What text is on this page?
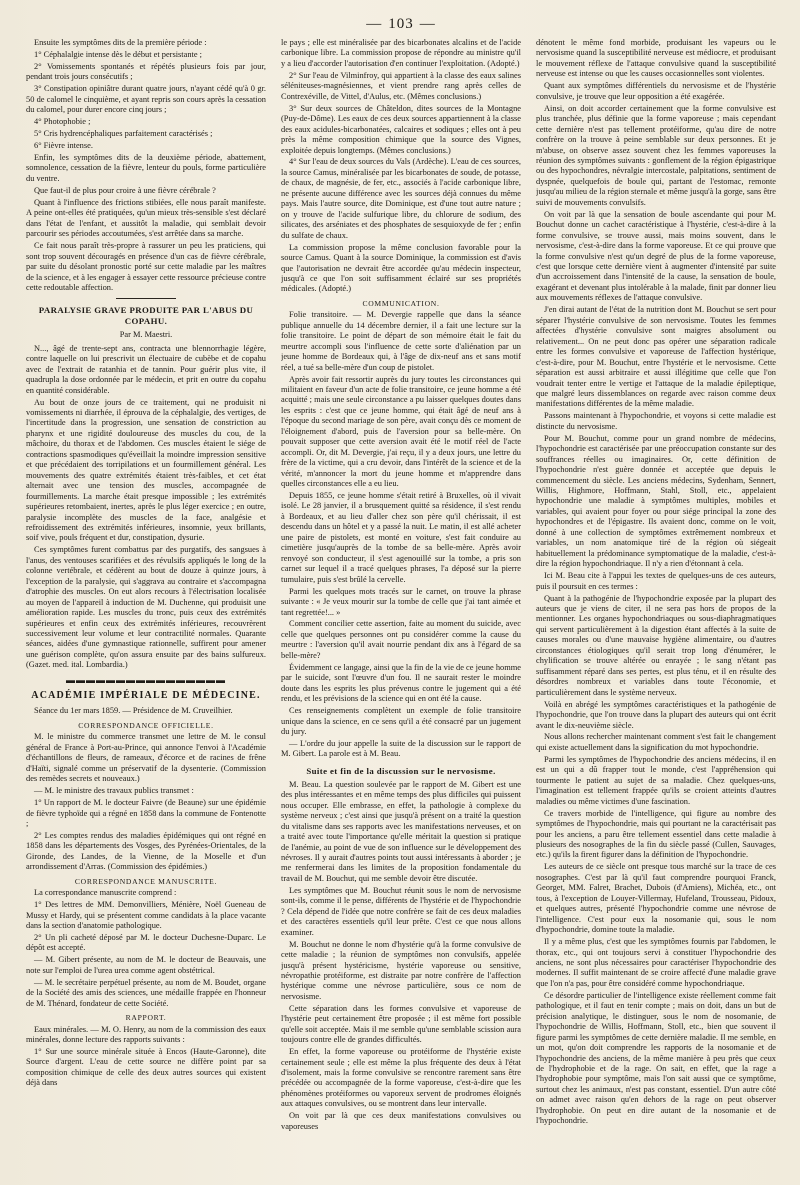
— 103 —

Ensuite les symptômes dits de la première période :

1° Céphalalgie intense dès le début et persistante ;

2° Vomissements spontanés et répétés plusieurs fois par jour, pendant trois jours consécutifs ;

3° Constipation opiniâtre durant quatre jours, n'ayant cédé qu'à 0 gr. 50 de calomel le cinquième, et ayant repris son cours après la cessation du calomel, pour durer encore cinq jours ;

4° Photophobie ;

5° Cris hydrencéphaliques parfaitement caractérisés ;

6° Fièvre intense.

Enfin, les symptômes dits de la deuxième période, abattement, somnolence, cessation de la fièvre, lenteur du pouls, forme particulière du ventre.

Que faut-il de plus pour croire à une fièvre cérébrale ?

Quant à l'influence des frictions stibiées, elle nous paraît manifeste. A peine ont-elles été pratiquées, qu'un mieux très-sensible s'est déclaré dans l'état de l'enfant, et aussitôt la maladie, qui semblait devoir parcourir ses périodes accoutumées, s'est arrêtée dans sa marche.

Ce fait nous paraît très-propre à rassurer un peu les praticiens, qui sont trop souvent découragés en présence d'un cas de fièvre cérébrale, par suite du désolant pronostic porté sur cette maladie par les maîtres de la science, et à les engager à essayer cette ressource précieuse contre cette redoutable affection.

PARALYSIE GRAVE PRODUITE PAR L'ABUS DU COPAHU.

Par M. Maestri.

N..., âgé de trente-sept ans, contracta une blennorrhagie légère, contre laquelle on lui prescrivit un électuaire de cubèbe et de copahu avec de l'extrait de ratanhia et de tannin. Pour guérir plus vite, il quadrupla la dose ordonnée par le médecin, et prit en outre du copahu en quantité considérable.

Au bout de onze jours de ce traitement, qui ne produisit ni vomissements ni diarrhée, il éprouva de la céphalalgie, des vertiges, de l'incertitude dans la progression, une sensation de constriction au pharynx et une rigidité douloureuse des muscles du cou, de la mâchoire, du thorax et de l'abdomen. Ces muscles étaient le siége de contractions spasmodiques qu'éveillait la moindre impression sensitive et que précédaient des torripilations et un fourmillement général. Les mouvements des quatre extrémités étaient très-faibles, et cet état alternait avec une tension des muscles, accompagnée de fourmillements. La marche était presque impossible ; les extrémités supérieures retombaient, inertes, après le plus léger exercice ; en outre, paralysie incomplète des muscles de la face, analgésie et refroidissement des extrémités inférieures, insomnie, yeux brillants, soif vive, pouls fréquent et dur, constipation, dysurie.

Ces symptômes furent combattus par des purgatifs, des sangsues à l'anus, des ventouses scarifiées et des révulsifs appliqués le long de la colonne vertébrale, et cédèrent au bout de douze à quinze jours, à l'exception de la paralysie, qui s'aggrava au contraire et s'accompagna d'atrophie des muscles. On eut alors recours à l'électrisation localisée au moyen de l'appareil à induction de M. Duchenne, qui produisit une amélioration rapide. Les muscles du tronc, puis ceux des extrémités supérieures et enfin ceux des extrémités inférieures, recouvrèrent successivement leur volume et leur contractilité normales. Quarante séances, aidées d'une gymnastique rationnelle, suffirent pour amener une guérison complète, qu'on assura ensuite par des bains sulfureux. (Gazet. med. ital. Lombardia.)

▬▬▬▬▬▬▬▬▬▬▬▬▬▬▬▬

ACADÉMIE IMPÉRIALE DE MÉDECINE.

Séance du 1er mars 1859. — Présidence de M. Cruveilhier.

CORRESPONDANCE OFFICIELLE.

M. le ministre du commerce transmet une lettre de M. le consul général de France à Port-au-Prince, qui annonce l'envoi à l'Académie d'échantillons de fleurs, de rameaux, d'écorce et de racines de frêne d'Haïti, signalé comme un préservatif de la dysenterie. (Commission des remèdes secrets et nouveaux.)

— M. le ministre des travaux publics transmet :

1° Un rapport de M. le docteur Faivre (de Beaune) sur une épidémie de fièvre typhoïde qui a régné en 1858 dans la commune de Fontenotte ;

2° Les comptes rendus des maladies épidémiques qui ont régné en 1858 dans les départements des Vosges, des Pyrénées-Orientales, de la Gironde, des Landes, de la Vienne, de la Moselle et d'un arrondissement d'Arras. (Commission des épidémies.)

CORRESPONDANCE MANUSCRITE.

La correspondance manuscrite comprend :

1° Des lettres de MM. Demonvilliers, Ménière, Noël Gueneau de Mussy et Hardy, qui se présentent comme candidats à la place vacante dans la section d'anatomie pathologique.

2° Un pli cacheté déposé par M. le docteur Duchesne-Duparc. Le dépôt est accepté.

— M. Gibert présente, au nom de M. le docteur de Beauvais, une note sur l'emploi de l'urea urea comme agent obstétrical.

— M. le secrétaire perpétuel présente, au nom de M. Boudet, organe de la Société des amis des sciences, une médaille frappée en l'honneur de M. Thénard, fondateur de cette Société.

RAPPORT.

Eaux minérales. — M. O. Henry, au nom de la commission des eaux minérales, donne lecture des rapports suivants :

1° Sur une source minérale située à Encos (Haute-Garonne), dite Source d'argent. L'eau de cette source ne diffère point par sa composition chimique de celle des deux autres sources qui existent déjà dans

le pays ; elle est minéralisée par des bicarbonates alcalins et de l'acide carbonique libre. La commission propose de répondre au ministre qu'il y a lieu d'accorder l'autorisation d'en continuer l'exploitation. (Adopté.)

2° Sur l'eau de Vilminfroy, qui appartient à la classe des eaux salines séléniteuses-magnésiennes, et vient prendre rang après celles de Contrexéville, de Vittel, d'Aulus, etc. (Mêmes conclusions.)

3° Sur deux sources de Châteldon, dites sources de la Montagne (Puy-de-Dôme). Les eaux de ces deux sources appartiennent à la classe des eaux acidules-bicarbonatées, calcaires et sodiques ; elles ont à peu près la même composition chimique que la source des Vignes, exploitée depuis longtemps. (Mêmes conclusions.)

4° Sur l'eau de deux sources du Vals (Ardèche). L'eau de ces sources, la source Camus, minéralisée par les bicarbonates de soude, de potasse, de chaux, de magnésie, de fer, etc., associés à l'acide carbonique libre, ne présente aucune différence avec les sources déjà connues du même pays. Mais l'autre source, dite Dominique, est d'une tout autre nature ; on y trouve de l'acide sulfurique libre, du chlorure de sodium, des silicates, des arséniates et des phosphates de sesquioxyde de fer ; enfin du sulfate de chaux.

La commission propose la même conclusion favorable pour la source Camus. Quant à la source Dominique, la commission est d'avis que l'autorisation ne devrait être accordée qu'au médecin inspecteur, jusqu'à ce que l'on soit suffisamment éclairé sur ses propriétés médicales. (Adopté.)

COMMUNICATION.

Folie transitoire. — M. Devergie rappelle que dans la séance publique annuelle du 14 décembre dernier, il a fait une lecture sur la folie transitoire. Le point de départ de son mémoire était le fait du meurtre accompli sous l'influence de cette sorte d'aliénation par un jeune homme de Bordeaux qui, à l'âge de dix-neuf ans et sans motif réel, a tué sa belle-mère d'un coup de pistolet.

Après avoir fait ressortir auprès du jury toutes les circonstances qui militaient en faveur d'un acte de folie transitoire, ce jeune homme a été acquitté ; mais une seule circonstance a pu laisser quelques doutes dans les esprits : c'est que ce jeune homme, qui était âgé de neuf ans à l'époque du second mariage de son père, avait conçu dès ce moment de l'éloignement d'abord, puis de l'aversion pour sa belle-mère. On pouvait supposer que cette aversion avait été le motif réel de l'acte accompli. Or, dit M. Devergie, j'ai reçu, il y a deux jours, une lettre du frère de la victime, qui a cru devoir, dans l'intérêt de la science et de la vérité, m'annoncer la mort du jeune homme et m'apprendre dans quelles circonstances elle a eu lieu.

Depuis 1855, ce jeune homme s'était retiré à Bruxelles, où il vivait isolé. Le 28 janvier, il a brusquement quitté sa résidence, il s'est rendu à Bordeaux, et au lieu d'aller chez son père qu'il chérissait, il est descendu dans un hôtel et y a passé la nuit. Le matin, il est allé acheter une paire de pistolets, est monté en voiture, s'est fait conduire au cimetière jusqu'auprès de la tombe de sa belle-mère. Après avoir renvoyé son conducteur, il s'est agenouillé sur la tombe, a pris son carnet sur lequel il a tracé quelques phrases, l'a déposé sur la pierre tumulaire, puis s'est brûlé la cervelle.

Parmi les quelques mots tracés sur le carnet, on trouve la phrase suivante : « Je veux mourir sur la tombe de celle que j'ai tant aimée et tant regrettée!... »

Comment concilier cette assertion, faite au moment du suicide, avec celle que quelques personnes ont pu considérer comme la cause du meurtre : l'aversion qu'il avait nourrie pendant dix ans à l'égard de sa belle-mère?

Évidemment ce langage, ainsi que la fin de la vie de ce jeune homme par le suicide, sont l'œuvre d'un fou. Il ne saurait rester le moindre doute dans les esprits les plus prévenus contre le jugement qui a été rendu, et les prévisions de la science qui en ont été la cause.

Ces renseignements complètent un exemple de folie transitoire unique dans la science, en ce sens qu'il a été consacré par un jugement du jury.

— L'ordre du jour appelle la suite de la discussion sur le rapport de M. Gibert. La parole est à M. Beau.

Suite et fin de la discussion sur le nervosisme.

M. Beau. La question soulevée par le rapport de M. Gibert est une des plus intéressantes et en même temps des plus difficiles qui puissent nous occuper. Elle embrasse, en effet, la pathologie à complexe du système nerveux ; c'est ainsi que jusqu'à présent on a traité la question du vitalisme dans ses rapports avec les manifestations nerveuses, et on a traité avec toute l'importance qu'elle méritait la question si pratique de l'anémie, au point de vue de son influence sur le développement des névroses. Il y aurait d'autres points tout aussi intéressants à aborder ; je me renfermerai dans les limites de la proposition fondamentale du travail de M. Bouchut, qui me semble devoir être discutée.

Les symptômes que M. Bouchut réunit sous le nom de nervosisme sont-ils, comme il le pense, différents de l'hystérie et de l'hypochondrie ? Cela dépend de l'idée que notre confrère se fait de ces deux maladies et des caractères essentiels qu'il leur prête. C'est ce que nous allons examiner.

M. Bouchut ne donne le nom d'hystérie qu'à la forme convulsive de cette maladie ; la réunion de symptômes non convulsifs, appelée jusqu'à présent hystéricisme, hystérie vaporeuse ou sensitive, névropathie protéiforme, est distraite par notre confrère de l'affection hystérique comme une névrose particulière, sous ce nom de nervosisme.

Cette séparation dans les formes convulsive et vaporeuse de l'hystérie peut certainement être proposée ; il est même fort possible qu'elle soit acceptée. Mais il me semble qu'une semblable scission aura toujours contre elle de grandes difficultés.

En effet, la forme vaporeuse ou protéiforme de l'hystérie existe certainement seule ; elle est même la plus fréquente des deux à l'état d'isolement, mais la forme convulsive se rencontre rarement sans être précédée ou accompagnée de la forme vaporeuse, c'est-à-dire que les phénomènes protéiformes ou vaporeux servent de prodromes éloignés aux attaques convulsives, ou se montrent dans leur intervalle.

On voit par là que ces deux manifestations convulsives ou vaporeuses

dénotent le même fond morbide, produisant les vapeurs ou le nervosisme quand la susceptibilité nerveuse est médiocre, et produisant le mouvement réflexe de l'attaque convulsive quand la susceptibilité nerveuse est intense ou que les causes occasionnelles sont violentes.

Quant aux symptômes différentiels du nervosisme et de l'hystérie convulsive, je trouve que leur opposition a été exagérée.

Ainsi, on doit accorder certainement que la forme convulsive est plus tranchée, plus définie que la forme vaporeuse ; mais cependant cette dernière n'est pas tellement protéiforme, qu'au dire de notre confrère on la trouve à peine semblable sur deux personnes. Et je m'abuse, on observe assez souvent chez les femmes vaporeuses la réunion des symptômes suivants : gonflement de la région épigastrique ou des hypochondres, névralgie intercostale, palpitations, sentiment de dyspnée, quelquefois de boule qui, partant de l'estomac, remonte jusqu'au milieu de la région sternale et même jusqu'à la gorge, sans être suivi de mouvements convulsifs.

On voit par là que la sensation de boule ascendante qui pour M. Bouchut donne un cachet caractéristique à l'hystérie, c'est-à-dire à la forme convulsive, se trouve aussi, mais moins souvent, dans le nervosisme, c'est-à-dire dans la forme vaporeuse. Et ce qui prouve que la forme convulsive n'est qu'un degré de plus de la forme vaporeuse, c'est que lorsque cette dernière vient à augmenter d'intensité par suite d'un accroissement dans l'intensité de la cause, la sensation de boule, exagérant et devenant plus intolérable à la malade, finit par donner lieu aux mouvements réflexes de l'attaque convulsive.

J'en dirai autant de l'état de la nutrition dont M. Bouchut se sert pour séparer l'hystérie convulsive de son nervosisme. Toutes les femmes affectées d'hystérie convulsive sont maigres absolument ou relativement... On ne peut donc pas opérer une séparation radicale entre les formes convulsive et vaporeuse de l'affection hystérique, c'est-à-dire, pour M. Bouchut, entre l'hystérie et le nervosisme. Cette séparation est aussi arbitraire et aussi illégitime que celle que l'on voudrait tenter entre le vertige et l'attaque de la maladie épileptique, que malgré leurs dissemblances on regarde avec raison comme deux manifestations différentes de la même maladie.

Passons maintenant à l'hypochondrie, et voyons si cette maladie est distincte du nervosisme.

Pour M. Bouchut, comme pour un grand nombre de médecins, l'hypochondrie est caractérisée par une préoccupation constante sur des souffrances réelles ou imaginaires. Or, cette définition de l'hypochondrie n'est guère donnée et acceptée que depuis le commencement du siècle. Les anciens médecins, Sydenham, Sennert, Willis, Highmore, Hoffmann, Stahl, Stoll, etc., appelaient hypochondrie une maladie à symptômes multiples, mobiles et variables, qui avaient pour foyer ou pour siége principal la zone des hypochondres et de l'épigastre. Ils avaient donc, comme on le voit, donné à une collection de symptômes extrêmement nombreux et variables, un nom anatomique tiré de la région où siégeait habituellement la prédominance symptomatique de la maladie, c'est-à-dire la région hypochondriaque. Il n'y a rien d'étonnant à cela.

Ici M. Beau cite à l'appui les textes de quelques-uns de ces auteurs, puis il poursuit en ces termes :

Quant à la pathogénie de l'hypochondrie exposée par la plupart des auteurs que je viens de citer, il ne sera pas hors de propos de la mentionner. Les organes hypochondriaques ou sous-diaphragmatiques qui servent particulièrement à la digestion étant affectés à la suite de causes morales ou d'une mauvaise hygiène alimentaire, ou d'autres circonstances étiologiques qu'il serait trop long d'énumérer, le chylification se trouve altérée ou enrayée ; le sang n'étant pas suffisamment réparé dans ses pertes, est plus ténu, et il en résulte des désordres nombreux et variables dans toute l'économie, et particulièrement dans le système nerveux.

Voilà en abrégé les symptômes caractéristiques et la pathogénie de l'hypochondrie, que l'on trouve dans la plupart des auteurs qui ont écrit avant le dix-neuvième siècle.

Nous allons rechercher maintenant comment s'est fait le changement qui existe actuellement dans la signification du mot hypochondrie.

Parmi les symptômes de l'hypochondrie des anciens médecins, il en est un qui a dû frapper tout le monde, c'est l'appréhension qui tourmente le patient au sujet de sa maladie. Chez quelques-uns, l'imagination est tellement frappée qu'ils se croient atteints d'autres maladies ou même victimes d'une fascination.

Ce travers morbide de l'intelligence, qui figure au nombre des symptômes de l'hypochondrie, mais qui pourtant ne la caractérisait pas pour les anciens, a paru être tellement essentiel dans cette maladie à plusieurs des nosographes de la fin du siècle passé (Cullen, Sauvages, etc.) qu'ils la firent figurer dans la définition de l'hypochondrie.

Les auteurs de ce siècle ont presque tous marché sur la trace de ces nosographes. C'est par là qu'il faut comprendre pourquoi Franck, Georget, MM. Falret, Brachet, Dubois (d'Amiens), Michéa, etc., ont tous, à l'exception de Louyer-Villermay, Hufeland, Trousseau, Pidoux, et quelques autres, présenté l'hypochondrie comme une névrose de l'intelligence. C'est pour eux la nosomanie qui, sous le nom d'hypochondrie, domine toute la maladie.

Il y a même plus, c'est que les symptômes fournis par l'abdomen, le thorax, etc., qui ont toujours servi à constituer l'hypochondrie des anciens, ne sont plus nécessaires pour caractériser l'hypochondrie des modernes. Il suffit maintenant de se croire affecté d'une maladie grave que l'on n'a pas, pour être considéré comme hypochondriaque.

Ce désordre particulier de l'intelligence existe réellement comme fait pathologique, et il faut en tenir compte ; mais on doit, dans un but de précision analytique, le distinguer, sous le nom de nosomanie, de l'hypochondrie de Willis, Hoffmann, Stoll, etc., bien que souvent il figure parmi les symptômes de cette dernière maladie. Il me semble, en un mot, qu'on doit comprendre les rapports de la nosomanie et de l'hypochondrie des anciens, de la même manière à peu près que ceux de l'hydrophobie et de la rage. On sait, en effet, que la rage a l'hydrophobie pour symptôme, mais l'on sait aussi que ce symptôme, surtout chez les animaux, n'est pas constant, essentiel. D'un autre côté on admet avec raison qu'en dehors de la rage on peut observer l'hydrophobie. On peut en dire autant de la nosomanie et de l'hypochondrie.
